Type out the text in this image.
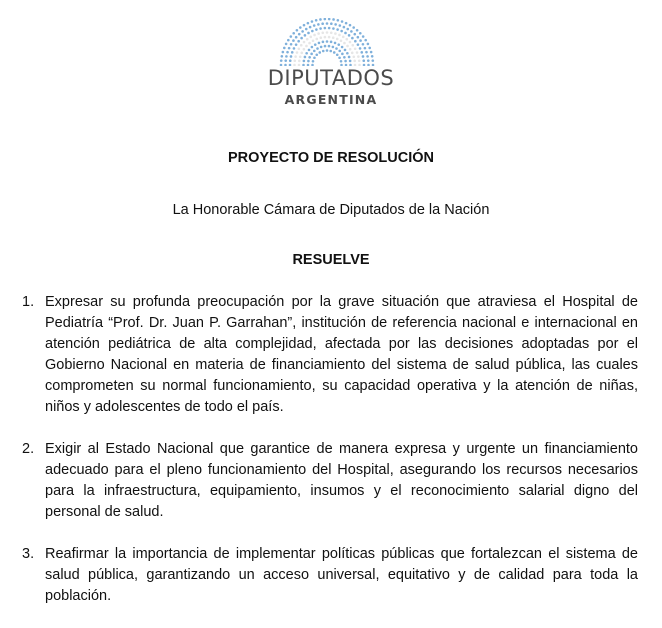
DIPUTADOS
ARGENTINA
PROYECTO DE RESOLUCIÓN
La Honorable Cámara de Diputados de la Nación
RESUELVE
1. Expresar su profunda preocupación por la grave situación que atraviesa el Hospital de Pediatría “Prof. Dr. Juan P. Garrahan”, institución de referencia nacional e internacional en atención pediátrica de alta complejidad, afectada por las decisiones adoptadas por el Gobierno Nacional en materia de financiamiento del sistema de salud pública, las cuales comprometen su normal funcionamiento, su capacidad operativa y la atención de niñas, niños y adolescentes de todo el país.
2. Exigir al Estado Nacional que garantice de manera expresa y urgente un financiamiento adecuado para el pleno funcionamiento del Hospital, asegurando los recursos necesarios para la infraestructura, equipamiento, insumos y el reconocimiento salarial digno del personal de salud.
3. Reafirmar la importancia de implementar políticas públicas que fortalezcan el sistema de salud pública, garantizando un acceso universal, equitativo y de calidad para toda la población.
